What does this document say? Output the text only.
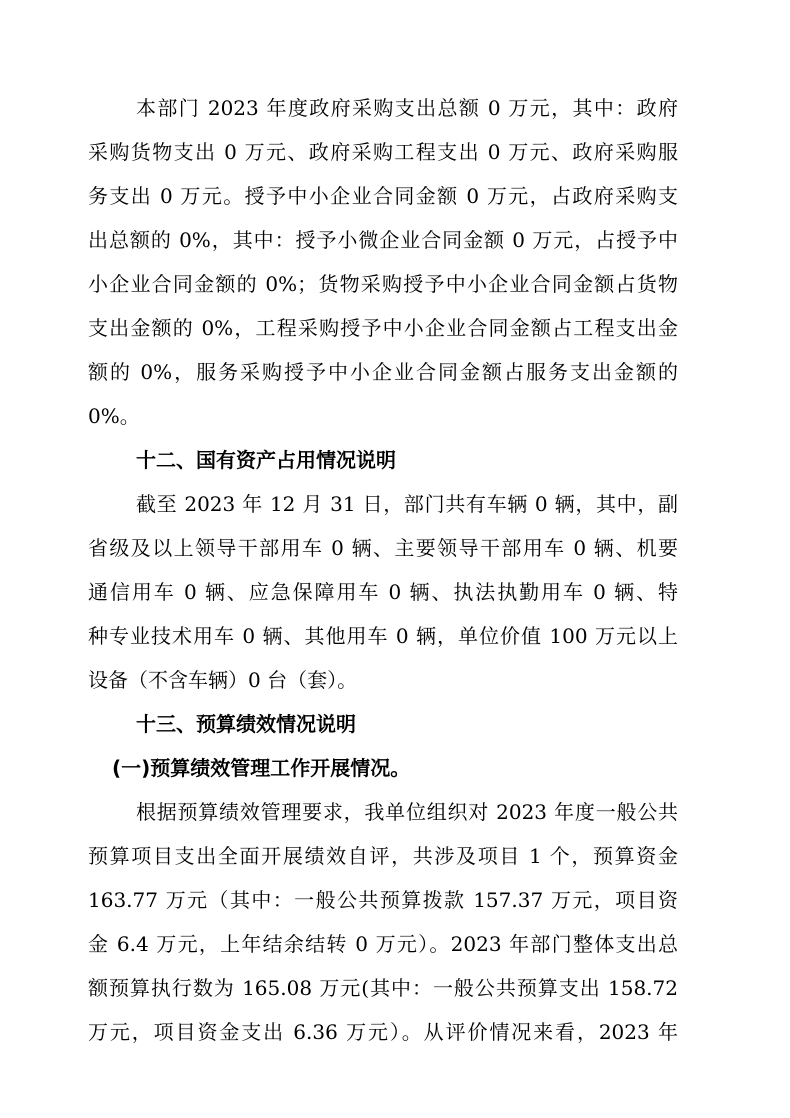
本部门 2023 年度政府采购支出总额 0 万元，其中：政府
采购货物支出 0 万元、政府采购工程支出 0 万元、政府采购服
务支出 0 万元。授予中小企业合同金额 0 万元，占政府采购支
出总额的 0%，其中：授予小微企业合同金额 0 万元，占授予中
小企业合同金额的 0%；货物采购授予中小企业合同金额占货物
支出金额的 0%，工程采购授予中小企业合同金额占工程支出金
额的 0%，服务采购授予中小企业合同金额占服务支出金额的
0%。
十二、国有资产占用情况说明
截至 2023 年 12 月 31 日，部门共有车辆 0 辆，其中，副
省级及以上领导干部用车 0 辆、主要领导干部用车 0 辆、机要
通信用车 0 辆、应急保障用车 0 辆、执法执勤用车 0 辆、特
种专业技术用车 0 辆、其他用车 0 辆，单位价值 100 万元以上
设备（不含车辆）0 台（套）。
十三、预算绩效情况说明
(一)预算绩效管理工作开展情况。
根据预算绩效管理要求，我单位组织对 2023 年度一般公共
预算项目支出全面开展绩效自评，共涉及项目 1 个，预算资金
163.77 万元（其中：一般公共预算拨款 157.37 万元，项目资
金 6.4 万元，上年结余结转 0 万元）。2023 年部门整体支出总
额预算执行数为 165.08 万元(其中：一般公共预算支出 158.72
万元，项目资金支出 6.36 万元）。从评价情况来看，2023 年
